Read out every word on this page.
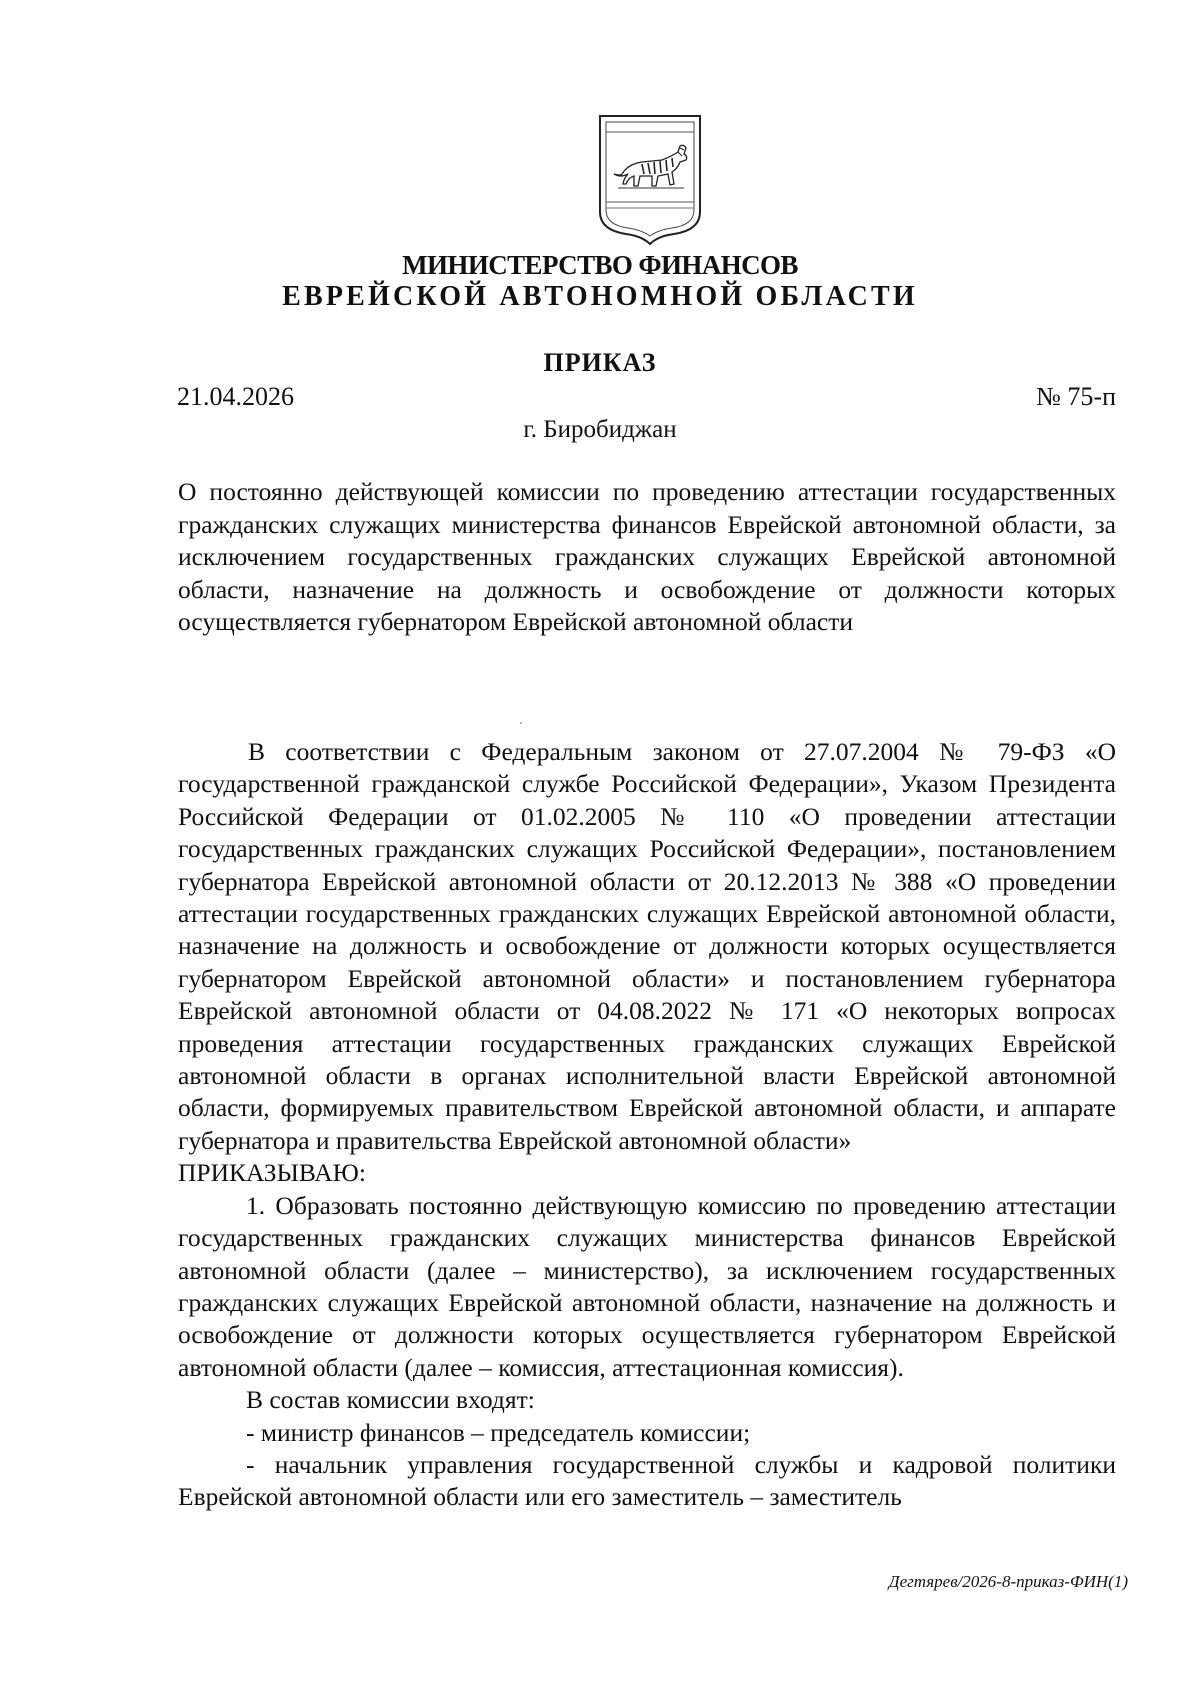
МИНИСТЕРСТВО ФИНАНСОВ
ЕВРЕЙСКОЙ АВТОНОМНОЙ ОБЛАСТИ
ПРИКАЗ
21.04.2026	№ 75-п
г. Биробиджан
О постоянно действующей комиссии по проведению аттестации государственных гражданских служащих министерства финансов Еврейской автономной области, за исключением государственных гражданских служащих Еврейской автономной области, назначение на должность и освобождение от должности которых осуществляется губернатором Еврейской автономной области

В соответствии с Федеральным законом от 27.07.2004 № 79-ФЗ «О государственной гражданской службе Российской Федерации», Указом Президента Российской Федерации от 01.02.2005 № 110 «О проведении аттестации государственных гражданских служащих Российской Федерации», постановлением губернатора Еврейской автономной области от 20.12.2013 № 388 «О проведении аттестации государственных гражданских служащих Еврейской автономной области, назначение на должность и освобождение от должности которых осуществляется губернатором Еврейской автономной области» и постановлением губернатора Еврейской автономной области от 04.08.2022 № 171 «О некоторых вопросах проведения аттестации государственных гражданских служащих Еврейской автономной области в органах исполнительной власти Еврейской автономной области, формируемых правительством Еврейской автономной области, и аппарате губернатора и правительства Еврейской автономной области»

ПРИКАЗЫВАЮ:

1. Образовать постоянно действующую комиссию по проведению аттестации государственных гражданских служащих министерства финансов Еврейской автономной области (далее – министерство), за исключением государственных гражданских служащих Еврейской автономной области, назначение на должность и освобождение от должности которых осуществляется губернатором Еврейской автономной области (далее – комиссия, аттестационная комиссия).

В состав комиссии входят:

- министр финансов – председатель комиссии;

- начальник управления государственной службы и кадровой политики Еврейской автономной области или его заместитель – заместитель

Дегтярев/2026-8-приказ-ФИН(1)
